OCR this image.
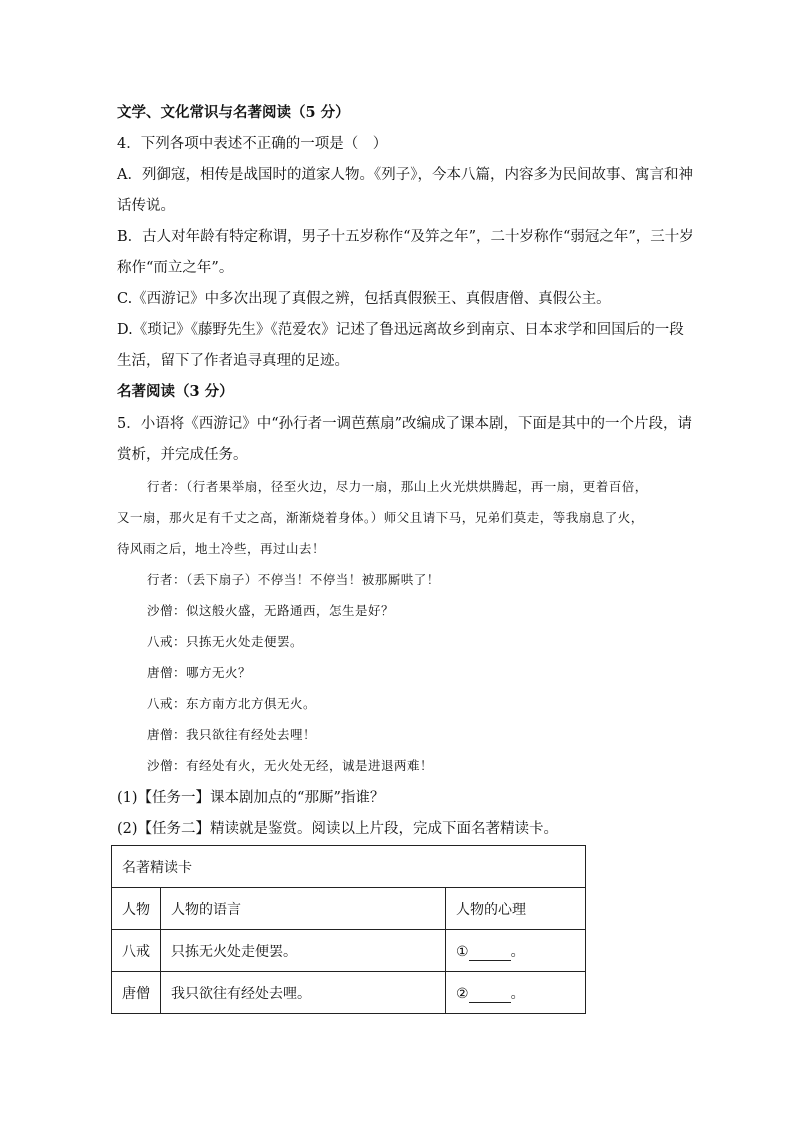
文学、文化常识与名著阅读（5 分）
4．下列各项中表述不正确的一项是（　）
A．列御寇，相传是战国时的道家人物。《列子》，今本八篇，内容多为民间故事、寓言和神
话传说。
B．古人对年龄有特定称谓，男子十五岁称作“及笄之年”，二十岁称作“弱冠之年”，三十岁
称作“而立之年”。
C.《西游记》中多次出现了真假之辨，包括真假猴王、真假唐僧、真假公主。
D.《琐记》《藤野先生》《范爱农》记述了鲁迅远离故乡到南京、日本求学和回国后的一段
生活，留下了作者追寻真理的足迹。
名著阅读（3 分）
5．小语将《西游记》中“孙行者一调芭蕉扇”改编成了课本剧，下面是其中的一个片段，请
赏析，并完成任务。
行者：（行者果举扇，径至火边，尽力一扇，那山上火光烘烘腾起，再一扇，更着百倍，
又一扇，那火足有千丈之高，渐渐烧着身体。）师父且请下马，兄弟们莫走，等我扇息了火，
待风雨之后，地土冷些，再过山去！
行者：（丢下扇子）不停当！不停当！被那厮哄了！
沙僧：似这般火盛，无路通西，怎生是好？
八戒：只拣无火处走便罢。
唐僧：哪方无火？
八戒：东方南方北方俱无火。
唐僧：我只欲往有经处去哩！
沙僧：有经处有火，无火处无经，诚是进退两难！
(1)【任务一】课本剧加点的“那厮”指谁？
(2)【任务二】精读就是鉴赏。阅读以上片段，完成下面名著精读卡。
名著精读卡		
人物	人物的语言	人物的心理
八戒	只拣无火处走便罢。	① 。
唐僧	我只欲往有经处去哩。	② 。
